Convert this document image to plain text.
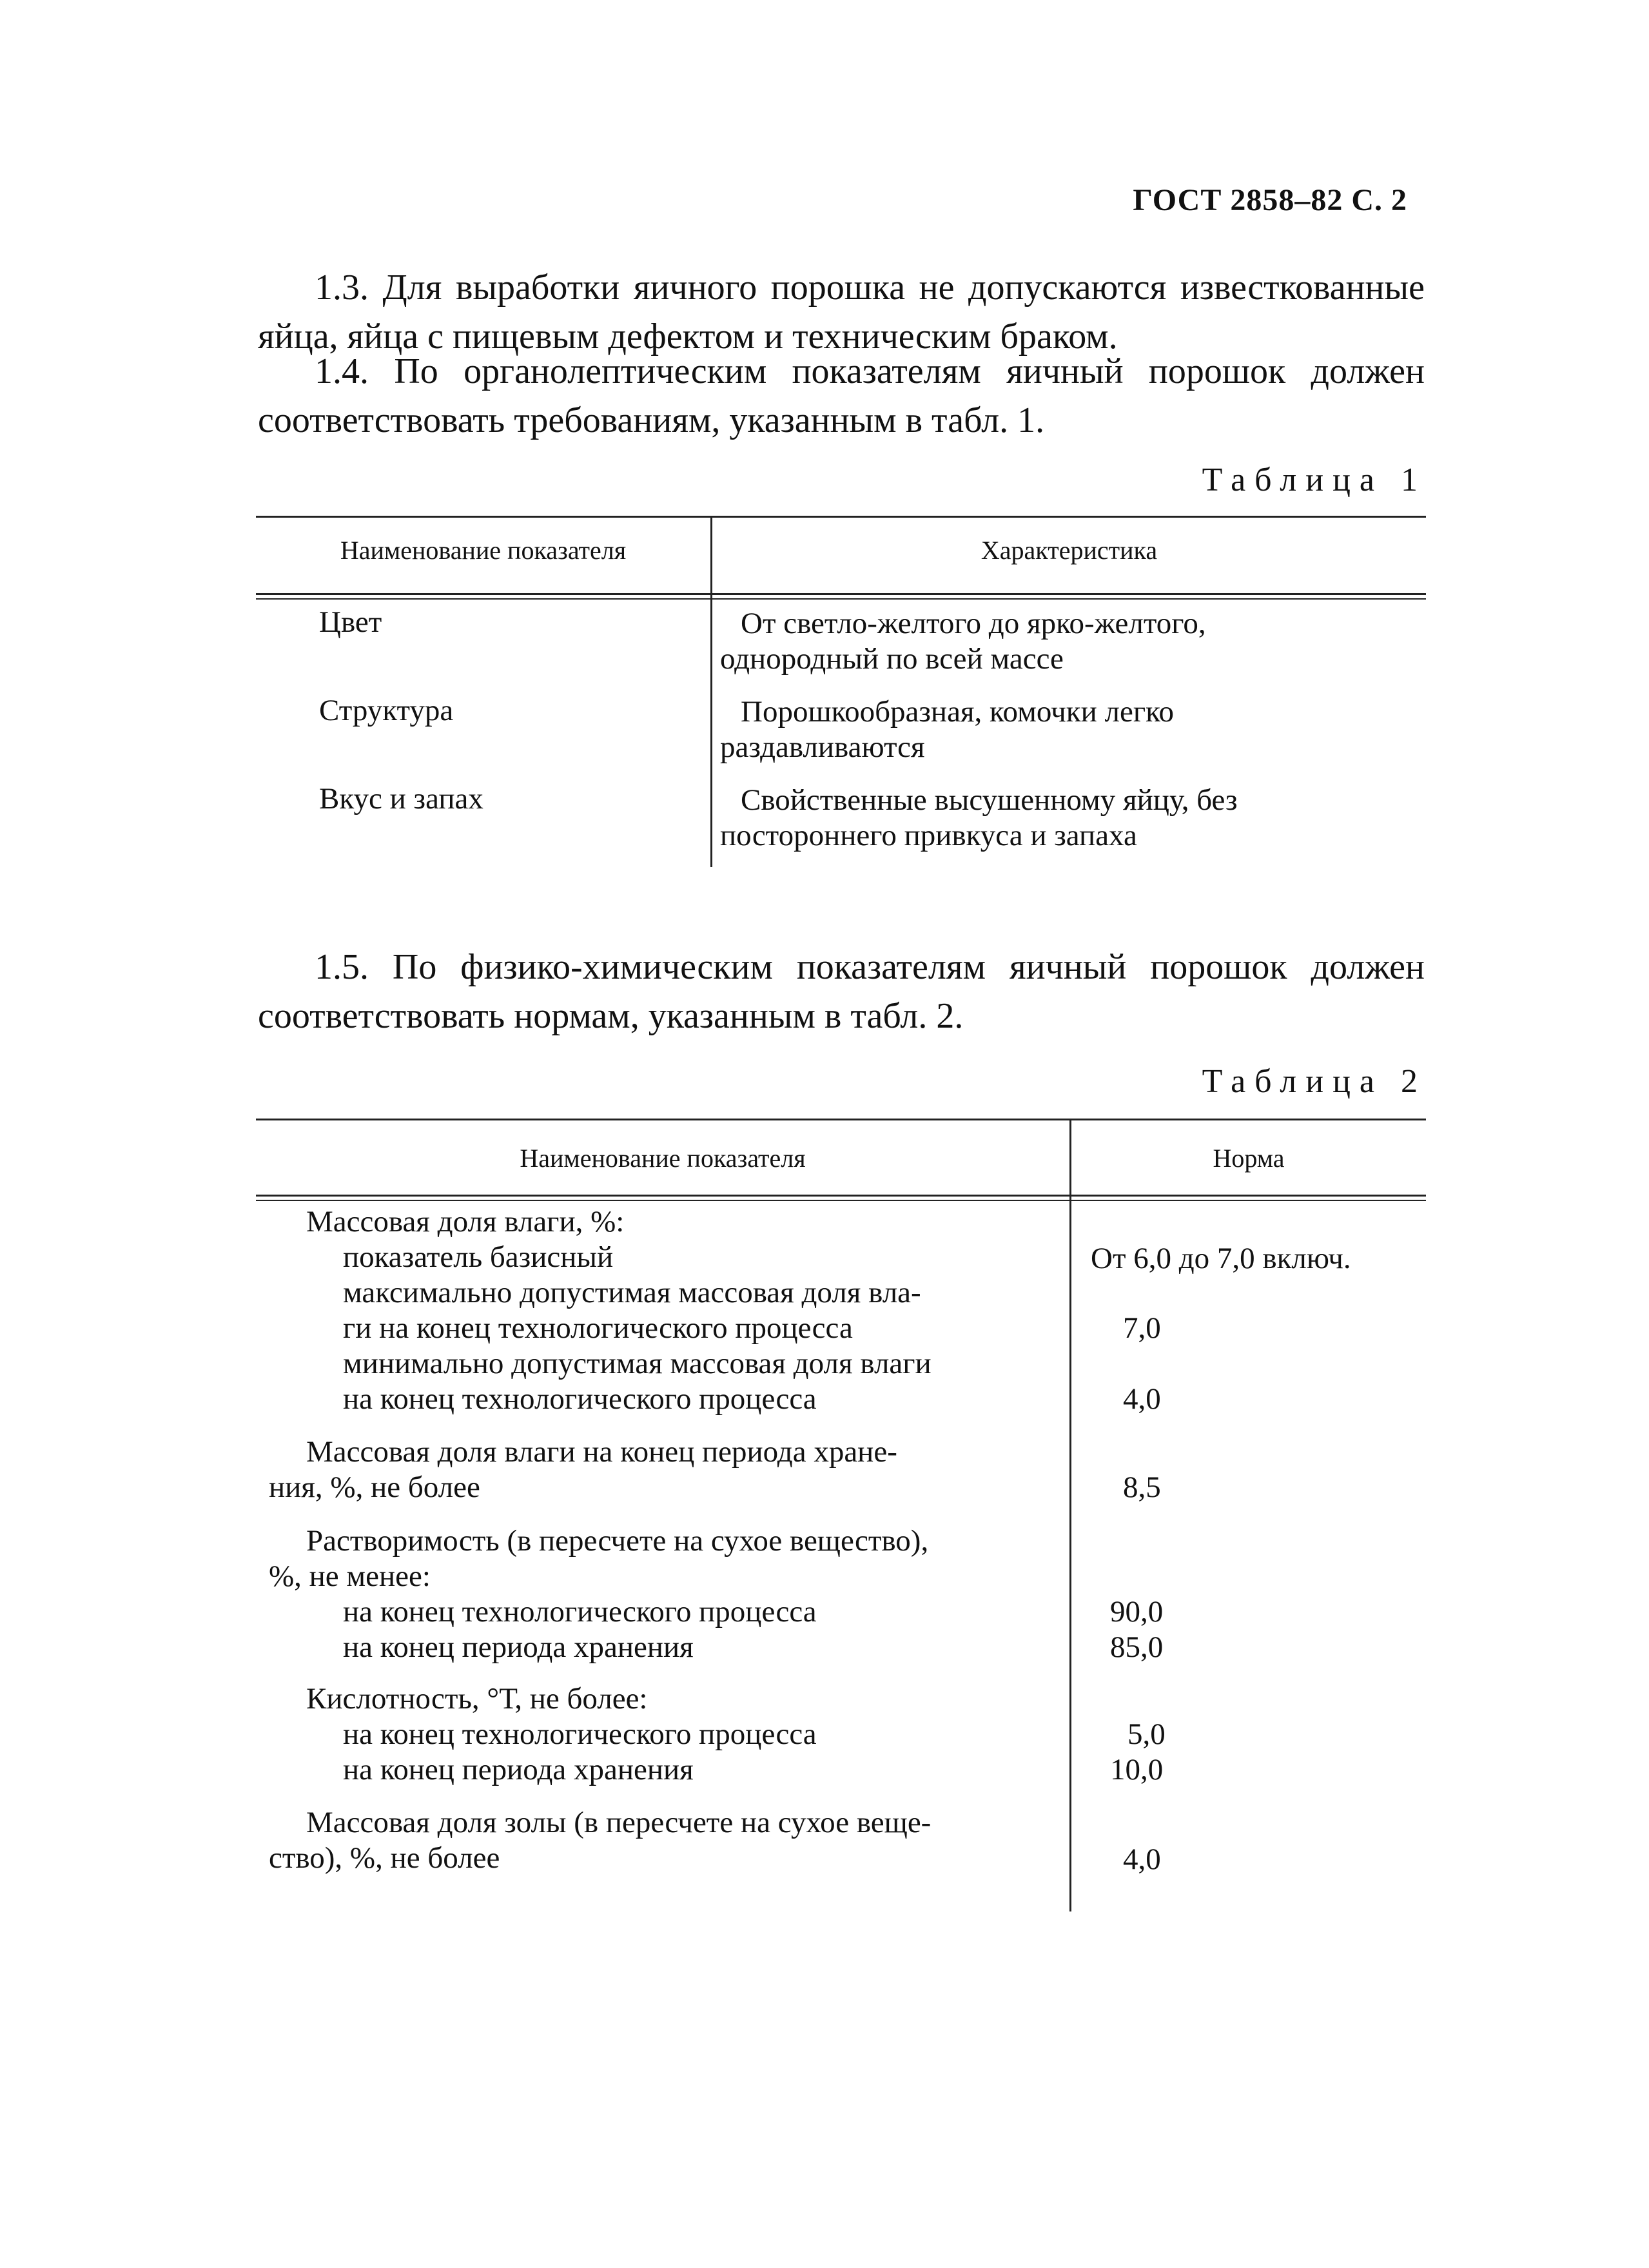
ГОСТ 2858–82 С. 2
1.3. Для выработки яичного порошка не допускаются известкованные яйца, яйца с пищевым дефектом и техническим браком.
1.4. По органолептическим показателям яичный порошок должен соответствовать требованиям, указанным в табл. 1.
Таблица 1
Наименование показателя	Характеристика
Цвет	От светло-желтого до ярко-желтого,
однородный по всей массе
Структура	Порошкообразная, комочки легко
раздавливаются
Вкус и запах	Свойственные высушенному яйцу, без
постороннего привкуса и запаха
1.5. По физико-химическим показателям яичный порошок должен соответствовать нормам, указанным в табл. 2.
Таблица 2
Наименование показателя	Норма
Массовая доля влаги, %:
показатель базисный	От 6,0 до 7,0 включ.
максимально допустимая массовая доля вла-
ги на конец технологического процесса	7,0
минимально допустимая массовая доля влаги
на конец технологического процесса	4,0
Массовая доля влаги на конец периода хране-
ния, %, не более	8,5
Растворимость (в пересчете на сухое вещество),
%, не менее:
на конец технологического процесса	90,0
на конец периода хранения	85,0
Кислотность, °Т, не более:
на конец технологического процесса	5,0
на конец периода хранения	10,0
Массовая доля золы (в пересчете на сухое веще-
ство), %, не более	4,0
